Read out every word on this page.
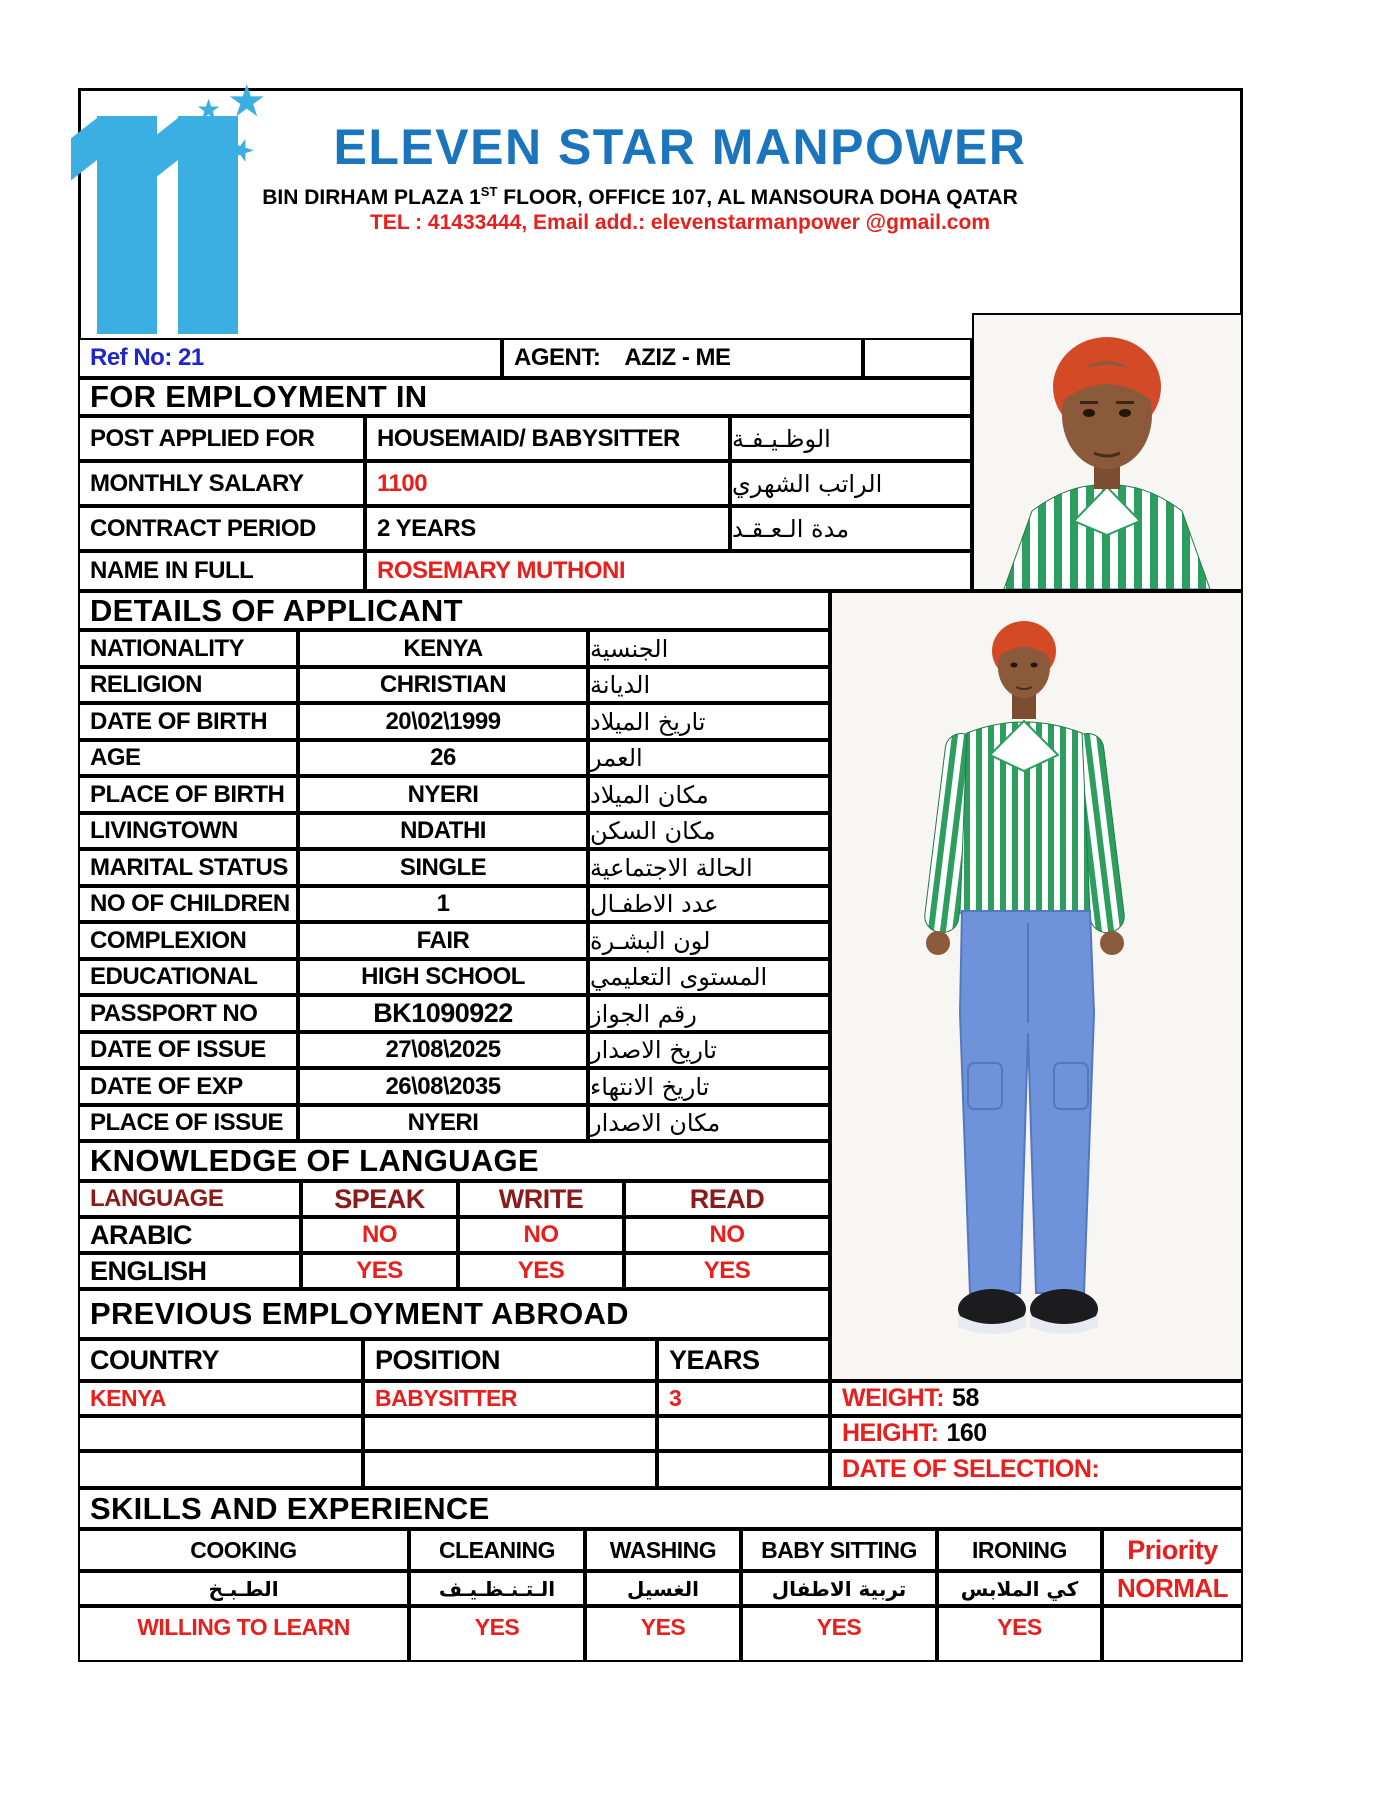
★ ★
★	ELEVEN STAR MANPOWER
BIN DIRHAM PLAZA 1ST FLOOR, OFFICE 107, AL MANSOURA DOHA QATAR
TEL : 41433444, Email add.: elevenstarmanpower @gmail.com
Ref No: 21	AGENT:	AZIZ - ME
FOR EMPLOYMENT IN
POST APPLIED FOR	HOUSEMAID/ BABYSITTER الوظـيـفـة
MONTHLY SALARY	1100	الراتب الشهري
CONTRACT PERIOD	2 YEARS	مدة الـعـقـد
NAME IN FULL	ROSEMARY MUTHONI
DETAILS OF APPLICANT
NATIONALITY	KENYA	الجنسية
RELIGION	CHRISTIAN	الديانة
DATE OF BIRTH	20\02\1999	تاريخ الميلاد
AGE	26	العمر
PLACE OF BIRTH	NYERI	مكان الميلاد
LIVINGTOWN	NDATHI	مكان السكن
MARITAL STATUS	SINGLE	الحالة الاجتماعية
NO OF CHILDREN	1	عدد الاطفـال
COMPLEXION	FAIR	لون البشـرة
EDUCATIONAL	HIGH SCHOOL	المستوى التعليمي
PASSPORT NO	BK1090922	رقم الجواز
DATE OF ISSUE	27\08\2025	تاريخ الاصدار
DATE OF EXP	26\08\2035	تاريخ الانتهاء
PLACE OF ISSUE	NYERI	مكان الاصدار
KNOWLEDGE OF LANGUAGE
LANGUAGE	SPEAK	WRITE	READ
ARABIC	NO	NO	NO
ENGLISH	YES	YES	YES
PREVIOUS EMPLOYMENT ABROAD
COUNTRY	POSITION	YEARS
KENYA	BABYSITTER	3	WEIGHT: 58
HEIGHT: 160
DATE OF SELECTION:
SKILLS AND EXPERIENCE
COOKING	CLEANING	WASHING	BABY SITTING	IRONING	Priority
الطـبـخ	الـتـنـظـيـف	الغسيل	تربية الاطفال	كي الملابس	NORMAL
WILLING TO LEARN	YES	YES	YES	YES
